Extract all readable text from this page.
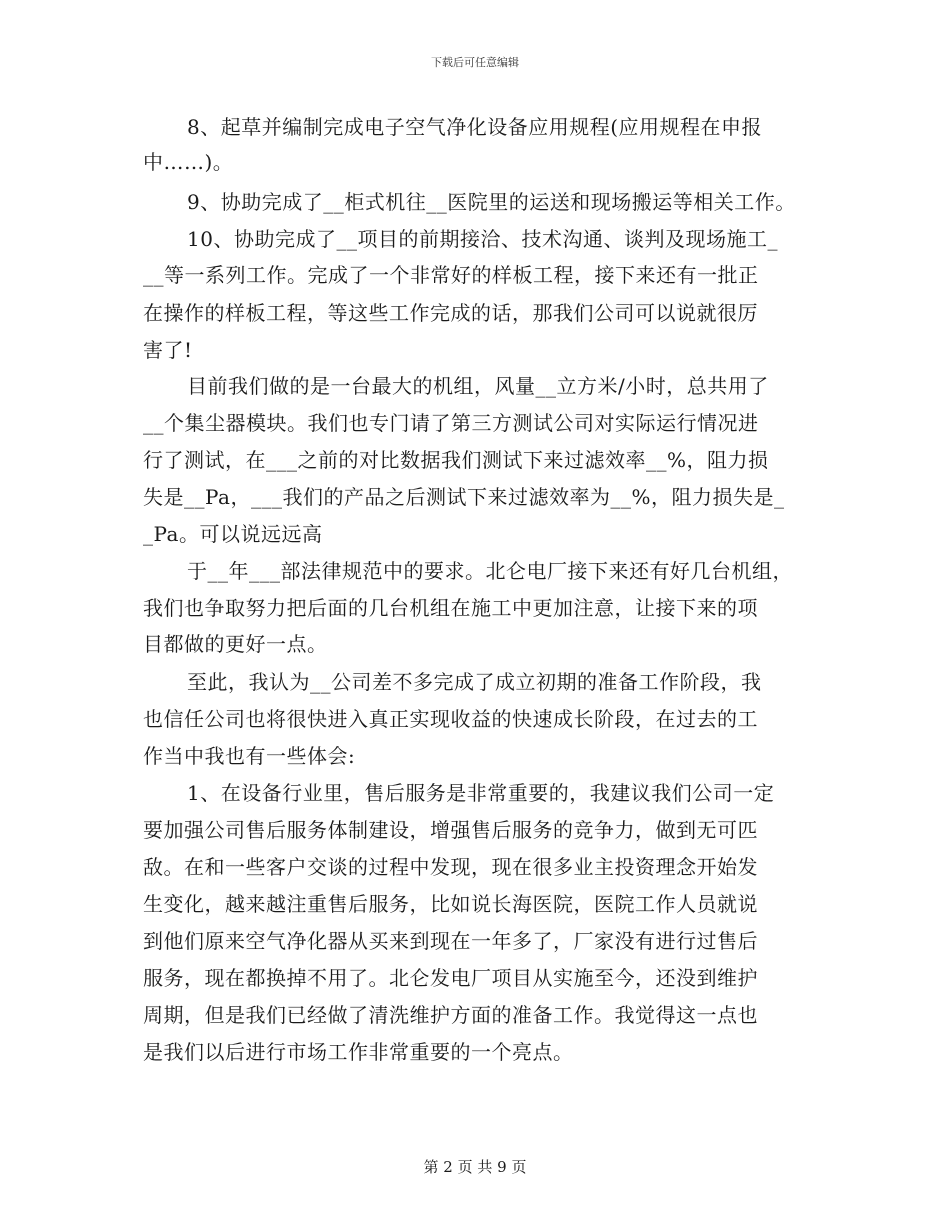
下载后可任意编辑

8、起草并编制完成电子空气净化设备应用规程(应用规程在申报

中……)。

9、协助完成了__柜式机往__医院里的运送和现场搬运等相关工作。

10、协助完成了__项目的前期接洽、技术沟通、谈判及现场施工_

__等一系列工作。完成了一个非常好的样板工程，接下来还有一批正

在操作的样板工程，等这些工作完成的话，那我们公司可以说就很厉

害了!

目前我们做的是一台最大的机组，风量__立方米/小时，总共用了

__个集尘器模块。我们也专门请了第三方测试公司对实际运行情况进

行了测试，在___之前的对比数据我们测试下来过滤效率__%，阻力损

失是__Pa，___我们的产品之后测试下来过滤效率为__%，阻力损失是_

_Pa。可以说远远高

于__年___部法律规范中的要求。北仑电厂接下来还有好几台机组，

我们也争取努力把后面的几台机组在施工中更加注意，让接下来的项

目都做的更好一点。

至此，我认为__公司差不多完成了成立初期的准备工作阶段，我

也信任公司也将很快进入真正实现收益的快速成长阶段，在过去的工

作当中我也有一些体会:

1、在设备行业里，售后服务是非常重要的，我建议我们公司一定

要加强公司售后服务体制建设，增强售后服务的竞争力，做到无可匹

敌。在和一些客户交谈的过程中发现，现在很多业主投资理念开始发

生变化，越来越注重售后服务，比如说长海医院，医院工作人员就说

到他们原来空气净化器从买来到现在一年多了，厂家没有进行过售后

服务，现在都换掉不用了。北仑发电厂项目从实施至今，还没到维护

周期，但是我们已经做了清洗维护方面的准备工作。我觉得这一点也

是我们以后进行市场工作非常重要的一个亮点。

第 2 页 共 9 页
